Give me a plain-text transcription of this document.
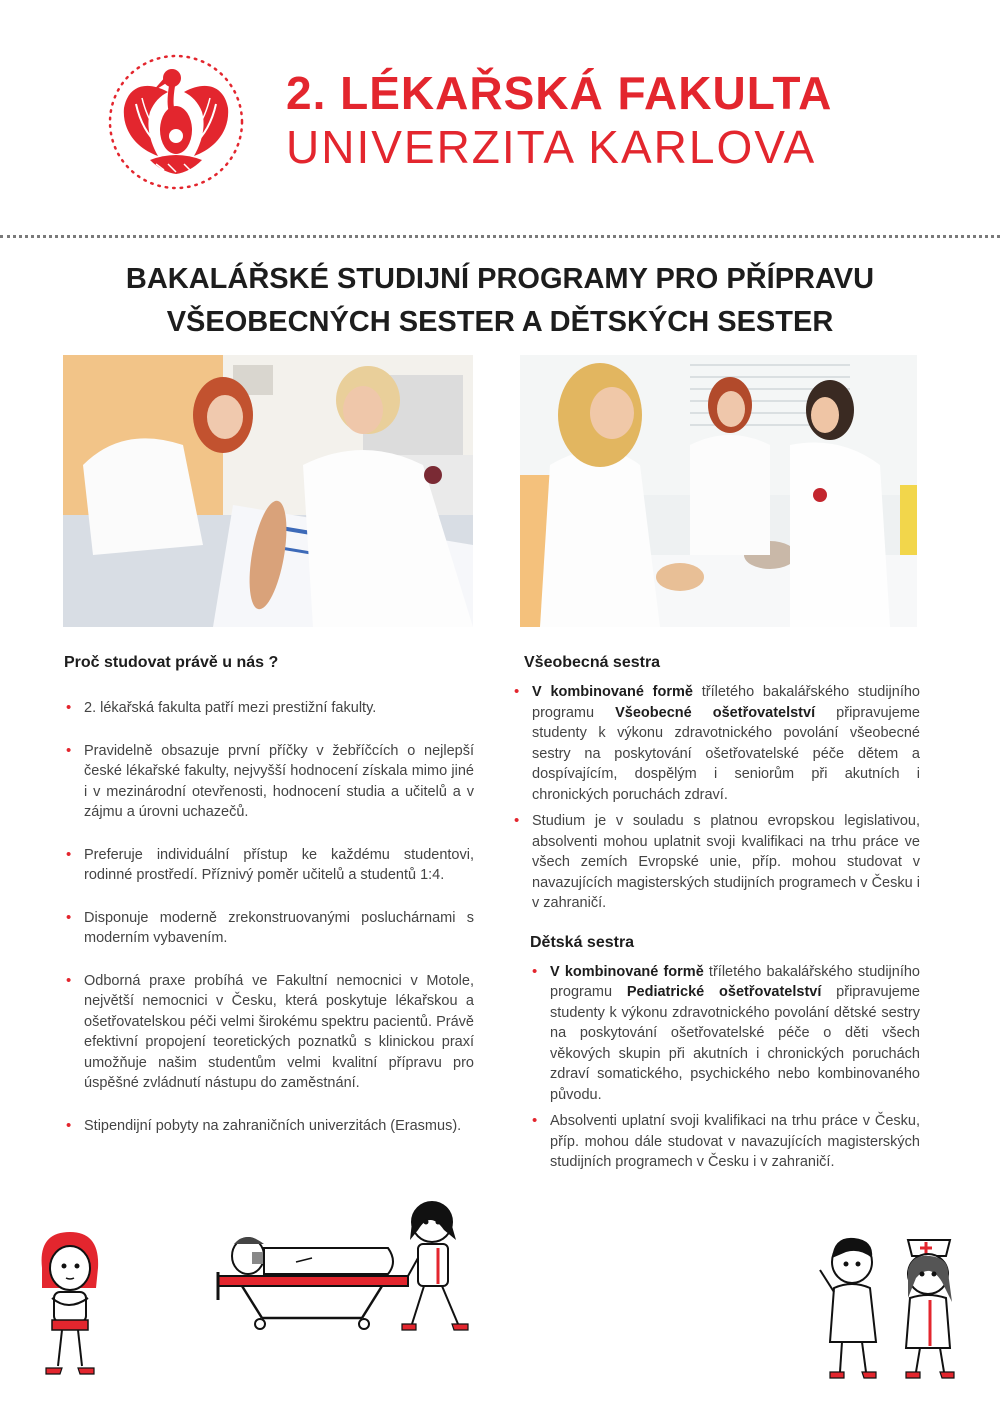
2. LÉKAŘSKÁ FAKULTA
UNIVERZITA KARLOVA
BAKALÁŘSKÉ STUDIJNÍ PROGRAMY PRO PŘÍPRAVU
VŠEOBECNÝCH SESTER A DĚTSKÝCH SESTER
Proč studovat právě u nás ?
• 2. lékařská fakulta patří mezi prestižní fakulty.
• Pravidelně obsazuje první příčky v žebříčcích o nejlepší české lékařské fakulty, nejvyšší hodnocení získala mimo jiné i v mezinárodní otevřenosti, hodnocení studia a učitelů a v zájmu a úrovni uchazečů.
• Preferuje individuální přístup ke každému studentovi, rodinné prostředí. Příznivý poměr učitelů a studentů 1:4.
• Disponuje moderně zrekonstruovanými posluchárnami s moderním vybavením.
• Odborná praxe probíhá ve Fakultní nemocnici v Motole, největší nemocnici v Česku, která poskytuje lékařskou a ošetřovatelskou péči velmi širokému spektru pacientů. Právě efektivní propojení teoretických poznatků s klinickou praxí umožňuje našim studentům velmi kvalitní přípravu pro úspěšné zvládnutí nástupu do zaměstnání.
• Stipendijní pobyty na zahraničních univerzitách (Erasmus).
Všeobecná sestra
• V kombinované formě tříletého bakalářského studijního programu Všeobecné ošetřovatelství připravujeme studenty k výkonu zdravotnického povolání všeobecné sestry na poskytování ošetřovatelské péče dětem a dospívajícím, dospělým i seniorům při akutních i chronických poruchách zdraví.
• Studium je v souladu s platnou evropskou legislativou, absolventi mohou uplatnit svoji kvalifikaci na trhu práce ve všech zemích Evropské unie, příp. mohou studovat v navazujících magisterských studijních programech v Česku i v zahraničí.
Dětská sestra
• V kombinované formě tříletého bakalářského studijního programu Pediatrické ošetřovatelství připravujeme studenty k výkonu zdravotnického povolání dětské sestry na poskytování ošetřovatelské péče o děti všech věkových skupin při akutních i chronických poruchách zdraví somatického, psychického nebo kombinovaného původu.
• Absolventi uplatní svoji kvalifikaci na trhu práce v Česku, příp. mohou dále studovat v navazujících magisterských studijních programech v Česku i v zahraničí.
